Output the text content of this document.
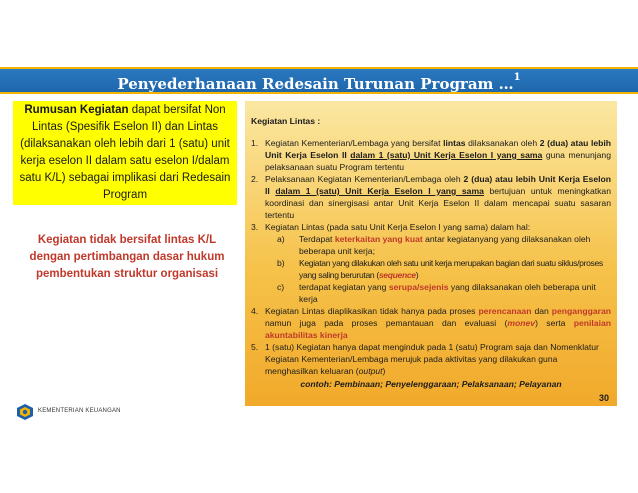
Penyederhanaan Redesain Turunan Program …$^1$
Rumusan Kegiatan dapat bersifat Non Lintas (Spesifik Eselon II) dan Lintas (dilaksanakan oleh lebih dari 1 (satu) unit kerja eselon II dalam satu eselon I/dalam satu K/L) sebagai implikasi dari Redesain Program
Kegiatan tidak bersifat lintas K/L dengan pertimbangan dasar hukum pembentukan struktur organisasi

Kegiatan Lintas :

1. Kegiatan Kementerian/Lembaga yang bersifat lintas dilaksanakan oleh 2 (dua) atau lebih Unit Kerja Eselon II dalam 1 (satu) Unit Kerja Eselon I yang sama guna menunjang pelaksanaan suatu Program tertentu
2. Pelaksanaan Kegiatan Kementerian/Lembaga oleh 2 (dua) atau lebih Unit Kerja Eselon II dalam 1 (satu) Unit Kerja Eselon I yang sama bertujuan untuk meningkatkan koordinasi dan sinergisasi antar Unit Kerja Eselon II dalam mencapai suatu sasaran tertentu
3. Kegiatan Lintas (pada satu Unit Kerja Eselon I yang sama) dalam hal:
a)	Terdapat keterkaitan yang kuat antar kegiatanyang yang dilaksanakan oleh beberapa unit kerja;
b)	Kegiatan yang dilakukan oleh satu unit kerja merupakan bagian dari suatu siklus/proses yang saling berurutan (sequence)
c)	terdapat kegiatan yang serupa/sejenis yang dilaksanakan oleh beberapa unit kerja
4. Kegiatan Lintas diaplikasikan tidak hanya pada proses perencanaan dan penganggaran namun juga pada proses pemantauan dan evaluasi (monev) serta penilaian akuntabilitas kinerja
5. 1 (satu) Kegiatan hanya dapat menginduk pada 1 (satu) Program saja dan Nomenklatur Kegiatan Kementerian/Lembaga merujuk pada aktivitas yang dilakukan guna menghasilkan keluaran (output)

contoh: Pembinaan; Penyelenggaraan; Pelaksanaan; Pelayanan

30
KEMENTERIAN KEUANGAN
